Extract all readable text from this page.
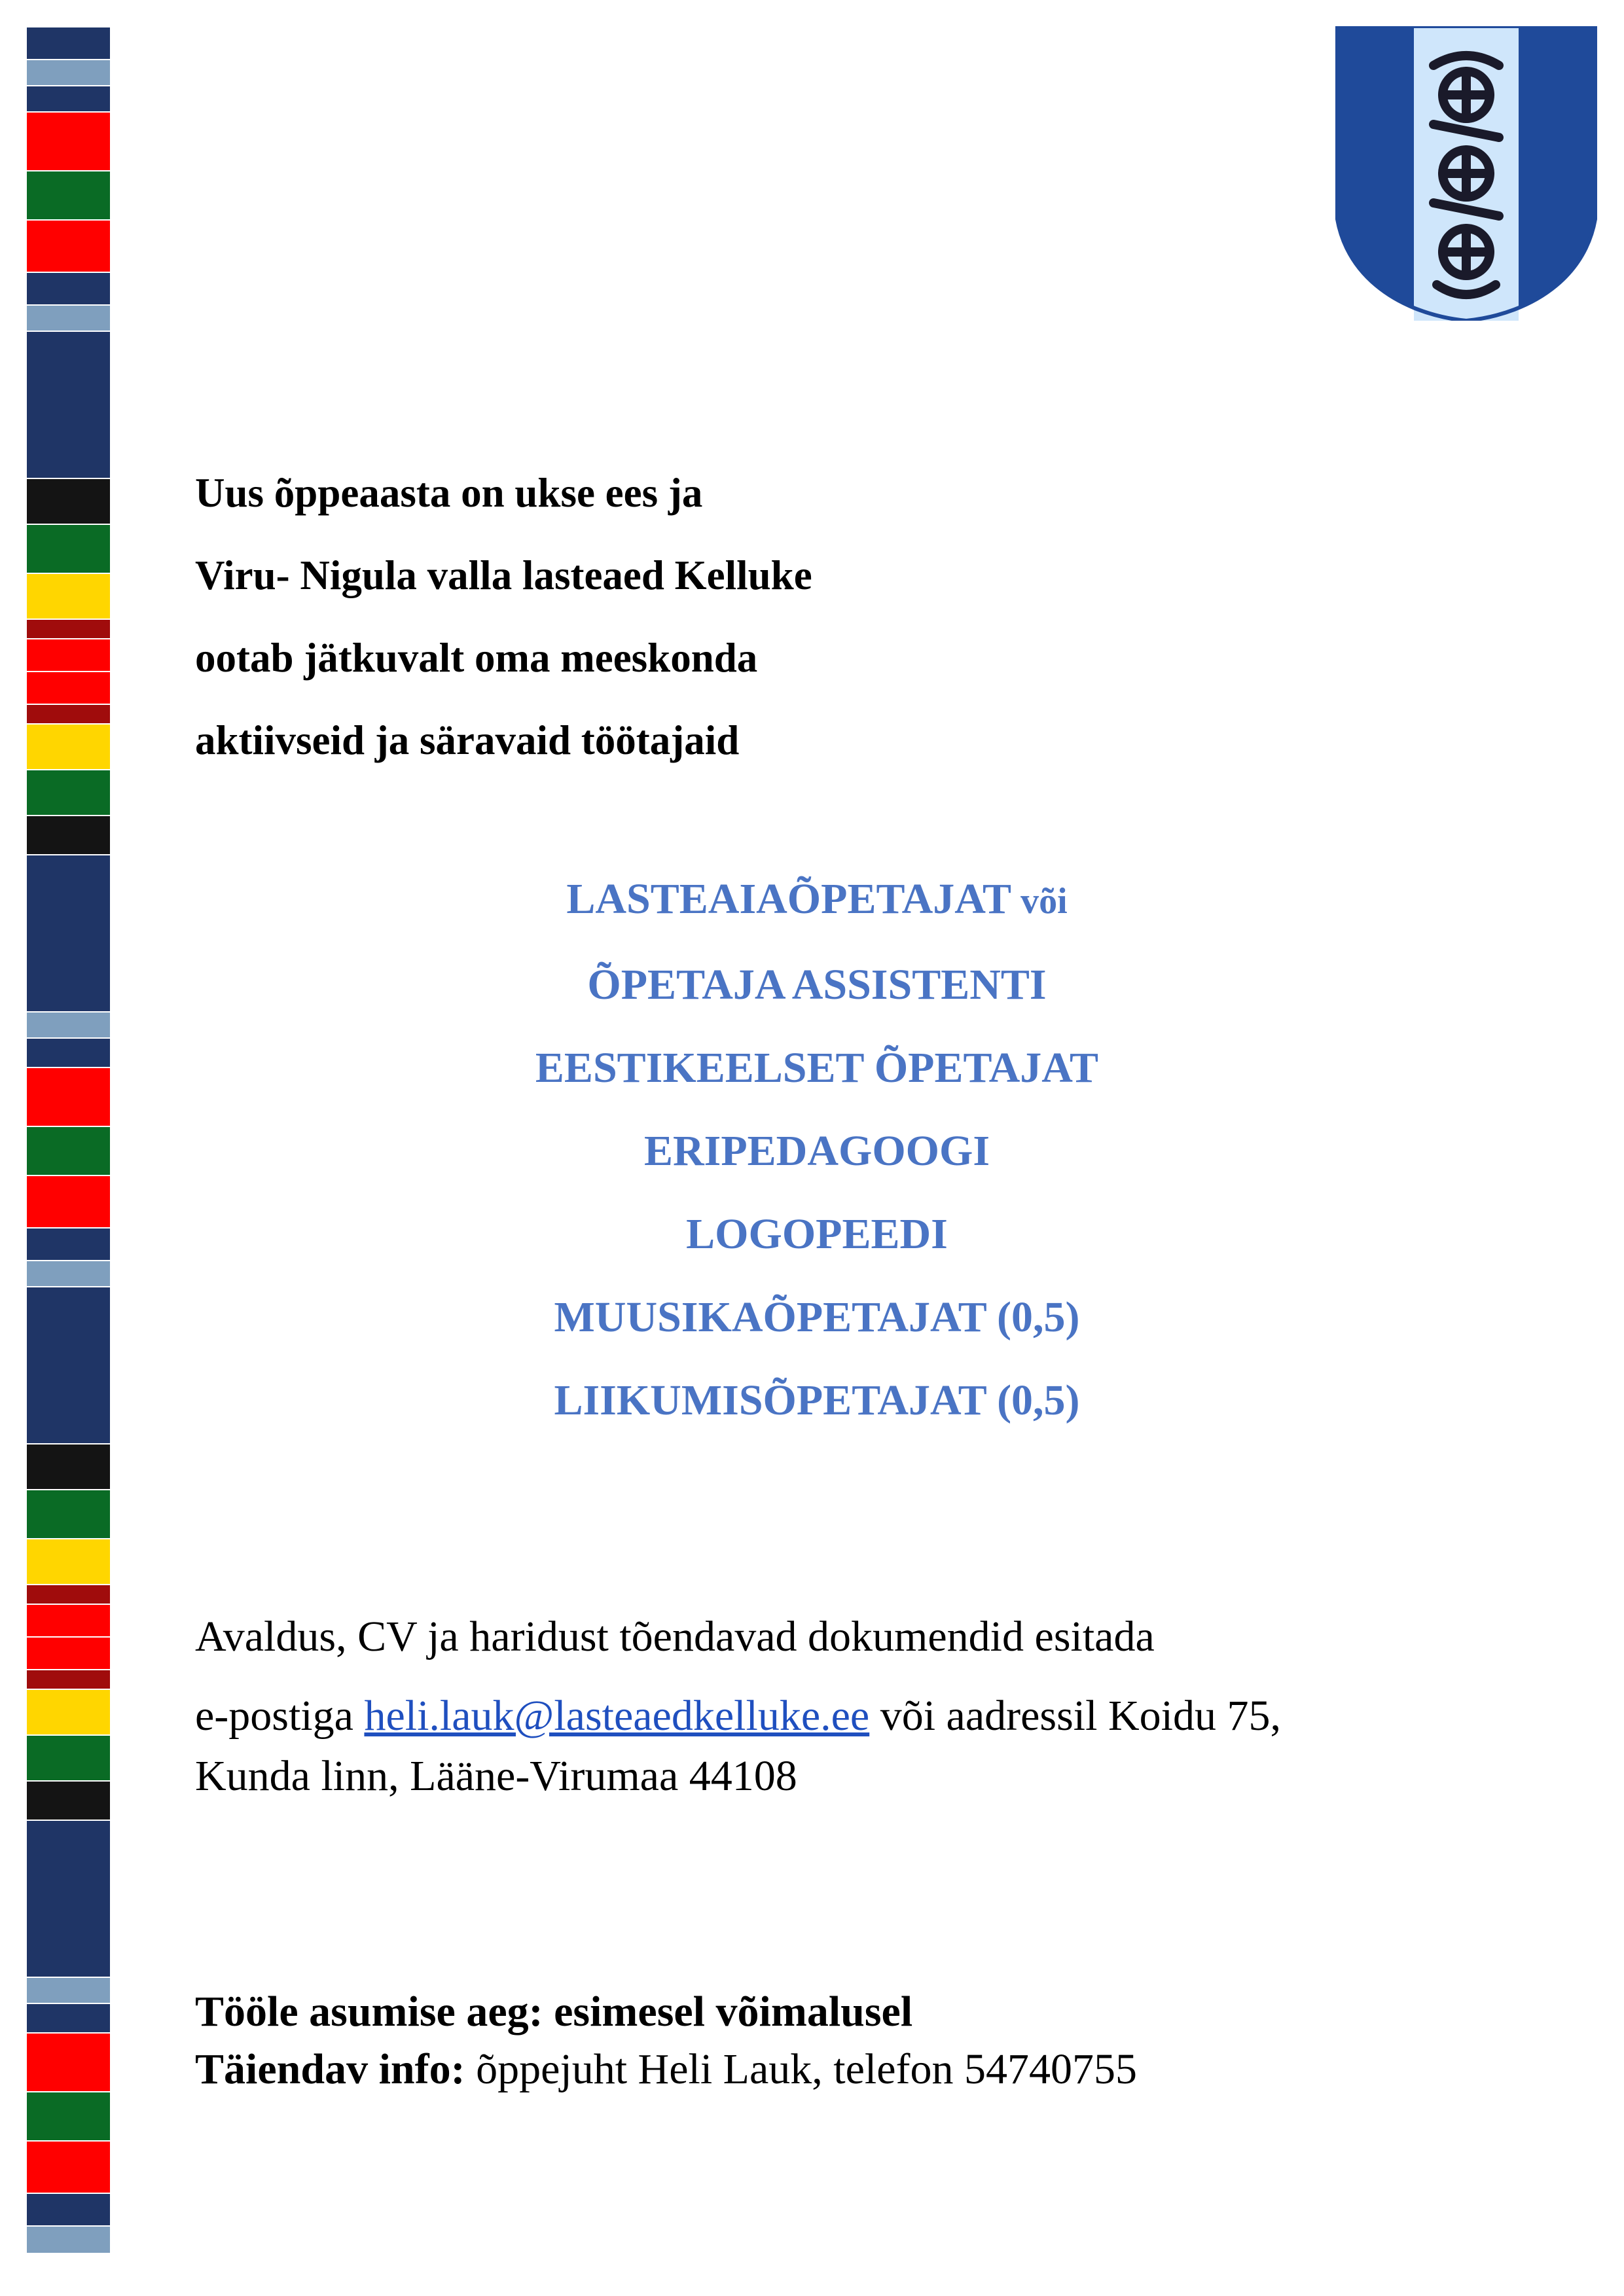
Uus õppeaasta on ukse ees ja

Viru- Nigula valla lasteaed Kelluke

ootab jätkuvalt oma meeskonda

aktiivseid ja säravaid töötajaid

LASTEAIAÕPETAJAT või

ÕPETAJA ASSISTENTI

EESTIKEELSET ÕPETAJAT

ERIPEDAGOOGI

LOGOPEEDI

MUUSIKAÕPETAJAT (0,5)

LIIKUMISÕPETAJAT (0,5)

Avaldus, CV ja haridust tõendavad dokumendid esitada

e-postiga heli.lauk@lasteaedkelluke.ee või aadressil Koidu 75,

Kunda linn, Lääne-Virumaa 44108

Tööle asumise aeg: esimesel võimalusel

Täiendav info: õppejuht Heli Lauk, telefon 54740755
